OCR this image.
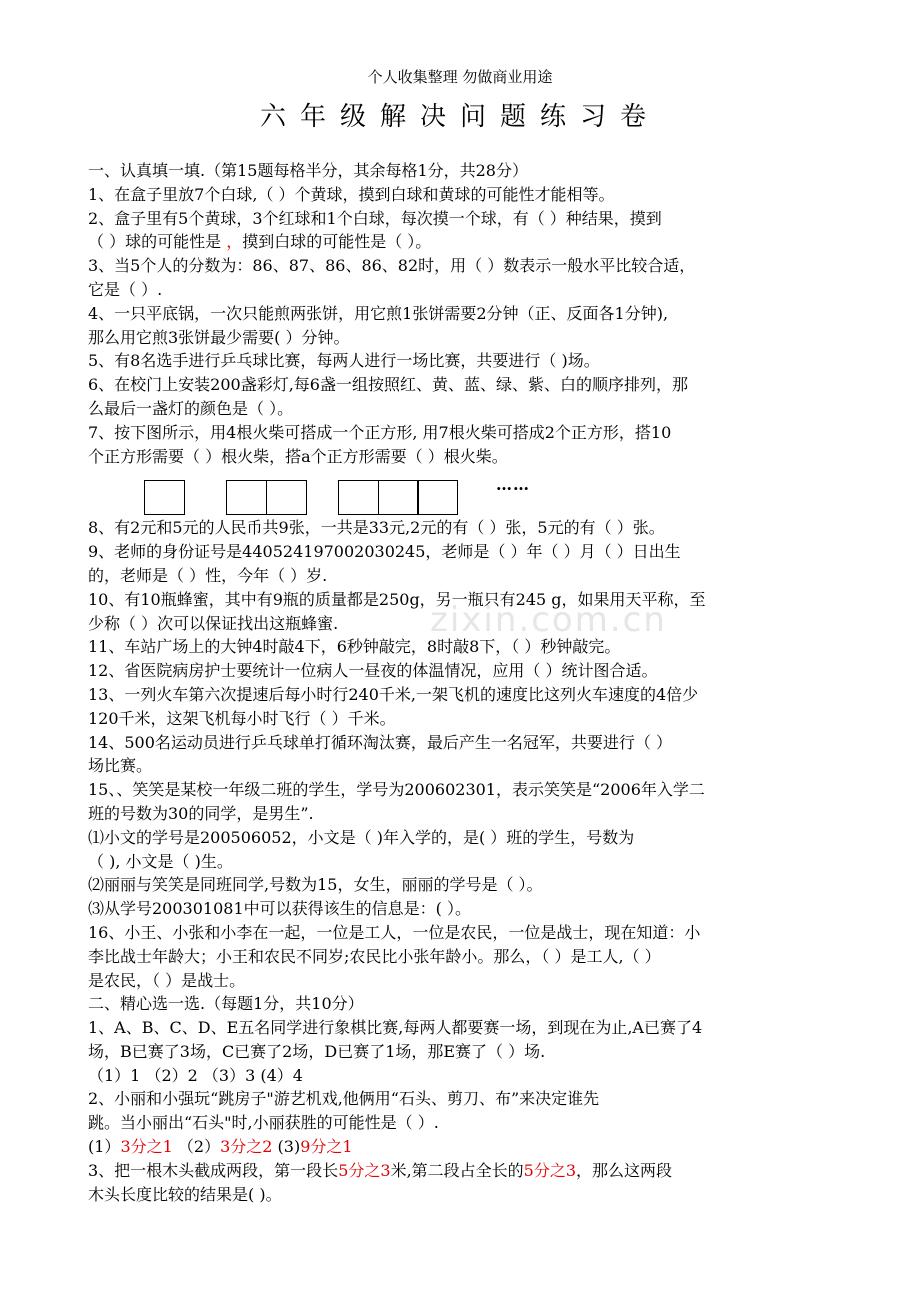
个人收集整理 勿做商业用途
六年级解决问题练习卷
zixin.com.cn
一、认真填一填.（第15题每格半分，其余每格1分，共28分）
1、在盒子里放7个白球,（ ）个黄球，摸到白球和黄球的可能性才能相等。
2、盒子里有5个黄球，3个红球和1个白球，每次摸一个球，有（ ）种结果，摸到
（ ）球的可能性是 ，摸到白球的可能性是（ ）。
3、当5个人的分数为：86、87、86、86、82时，用（ ）数表示一般水平比较合适，
它是（ ）.
4、一只平底锅，一次只能煎两张饼，用它煎1张饼需要2分钟（正、反面各1分钟),
那么用它煎3张饼最少需要( ）分钟。
5、有8名选手进行乒乓球比赛，每两人进行一场比赛，共要进行（ )场。
6、在校门上安装200盏彩灯,每6盏一组按照红、黄、蓝、绿、紫、白的顺序排列，那
么最后一盏灯的颜色是（ ）。
7、按下图所示，用4根火柴可搭成一个正方形, 用7根火柴可搭成2个正方形，搭10
个正方形需要（ ）根火柴，搭a个正方形需要（ ）根火柴。
……
8、有2元和5元的人民币共9张，一共是33元,2元的有（ ）张，5元的有（ ）张。
9、老师的身份证号是440524197002030245，老师是（ ）年（ ）月（ ）日出生
的，老师是（ ）性，今年（ ）岁.
10、有10瓶蜂蜜，其中有9瓶的质量都是250g，另一瓶只有245 g，如果用天平称，至
少称（ ）次可以保证找出这瓶蜂蜜.
11、车站广场上的大钟4时敲4下，6秒钟敲完，8时敲8下，（ ）秒钟敲完。
12、省医院病房护士要统计一位病人一昼夜的体温情况，应用（ ）统计图合适。
13、一列火车第六次提速后每小时行240千米,一架飞机的速度比这列火车速度的4倍少
120千米，这架飞机每小时飞行（ ）千米。
14、500名运动员进行乒乓球单打循环淘汰赛，最后产生一名冠军，共要进行（ ）
场比赛。
15、、笑笑是某校一年级二班的学生，学号为200602301，表示笑笑是“2006年入学二
班的号数为30的同学，是男生”.
⑴小文的学号是200506052，小文是（ )年入学的，是( ）班的学生，号数为
（ ), 小文是（ )生。
⑵丽丽与笑笑是同班同学,号数为15，女生，丽丽的学号是（ ）。
⑶从学号200301081中可以获得该生的信息是：( ）。
16、小王、小张和小李在一起，一位是工人，一位是农民，一位是战士，现在知道：小
李比战士年龄大；小王和农民不同岁;农民比小张年龄小。那么，（ ）是工人,（ ）
是农民，（ ）是战士。
二、精心选一选.（每题1分，共10分）
1、A、B、C、D、E五名同学进行象棋比赛,每两人都要赛一场，到现在为止,A已赛了4
场，B已赛了3场，C已赛了2场，D已赛了1场，那E赛了（ ）场.
（1）1 （2）2 （3）3 (4）4
2、小丽和小强玩“跳房子"游艺机戏,他俩用“石头、剪刀、布”来决定谁先
跳。当小丽出“石头"时,小丽获胜的可能性是（ ）.
(1）3分之1 （2）3分之2 (3)9分之1
3、把一根木头截成两段，第一段长5分之3米,第二段占全长的5分之3，那么这两段
木头长度比较的结果是( )。
